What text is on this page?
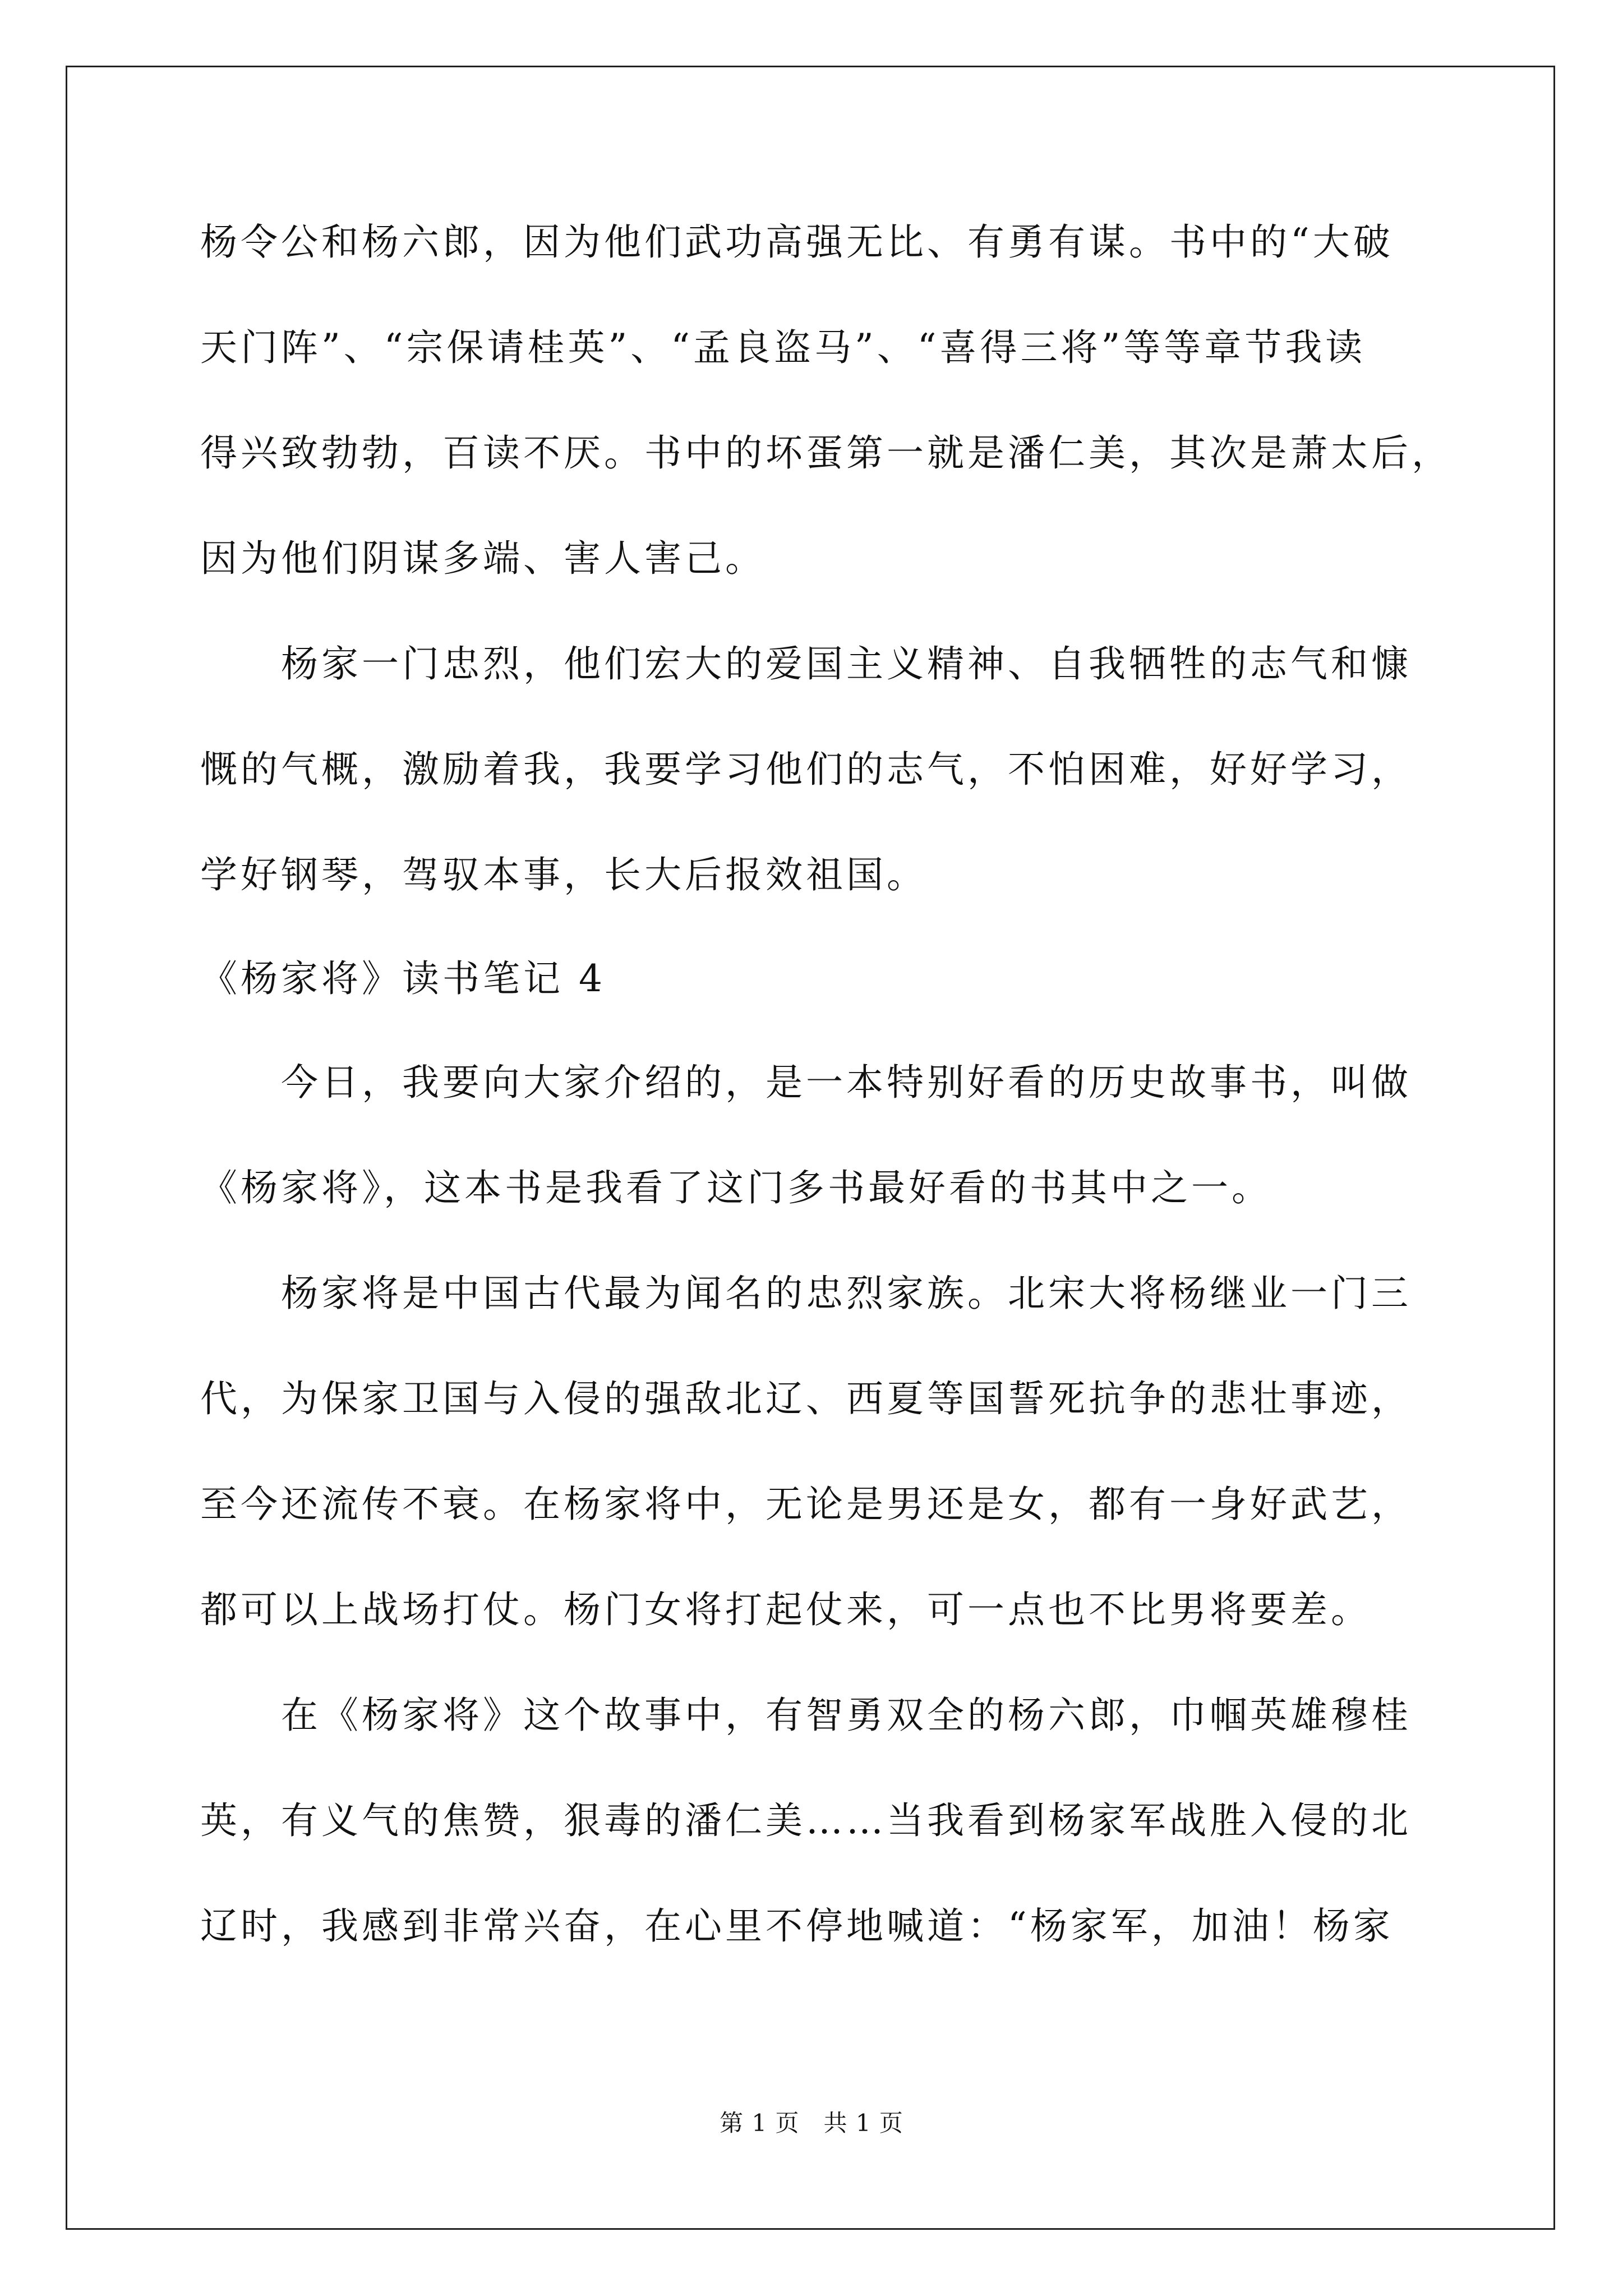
杨令公和杨六郎，因为他们武功高强无比、有勇有谋。书中的“大破
天门阵”、“宗保请桂英”、“孟良盗马”、“喜得三将”等等章节我读
得兴致勃勃，百读不厌。书中的坏蛋第一就是潘仁美，其次是萧太后，
因为他们阴谋多端、害人害己。
　　杨家一门忠烈，他们宏大的爱国主义精神、自我牺牲的志气和慷
慨的气概，激励着我，我要学习他们的志气，不怕困难，好好学习，
学好钢琴，驾驭本事，长大后报效祖国。
《杨家将》读书笔记 4
　　今日，我要向大家介绍的，是一本特别好看的历史故事书，叫做
《杨家将》，这本书是我看了这门多书最好看的书其中之一。
　　杨家将是中国古代最为闻名的忠烈家族。北宋大将杨继业一门三
代，为保家卫国与入侵的强敌北辽、西夏等国誓死抗争的悲壮事迹，
至今还流传不衰。在杨家将中，无论是男还是女，都有一身好武艺，
都可以上战场打仗。杨门女将打起仗来，可一点也不比男将要差。
　　在《杨家将》这个故事中，有智勇双全的杨六郎，巾帼英雄穆桂
英，有义气的焦赞，狠毒的潘仁美……当我看到杨家军战胜入侵的北
辽时，我感到非常兴奋，在心里不停地喊道：“杨家军，加油！杨家
第 1 页　共 1 页
